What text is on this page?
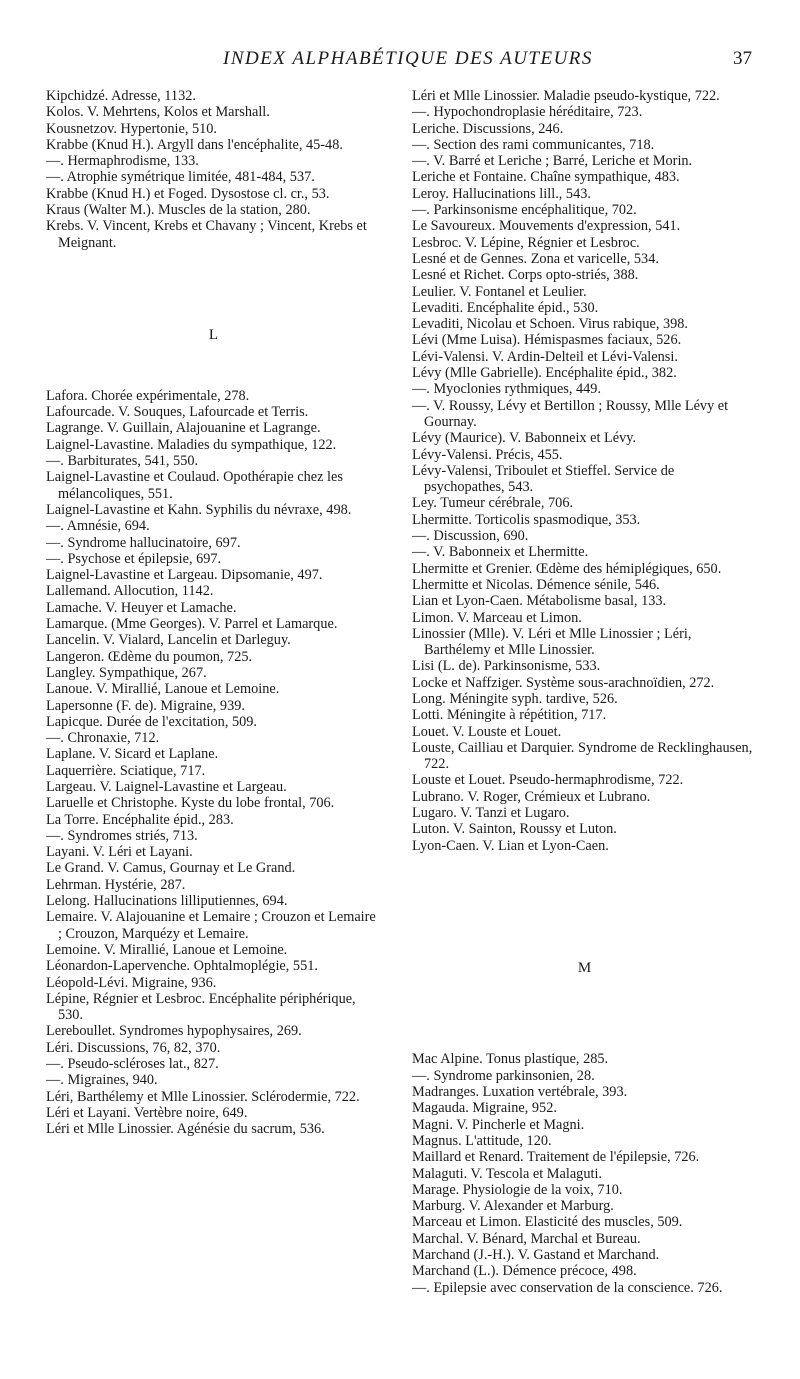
INDEX ALPHABÉTIQUE DES AUTEURS	37

Kipchidzé. Adresse, 1132.

Kolos. V. Mehrtens, Kolos et Marshall.

Kousnetzov. Hypertonie, 510.

Krabbe (Knud H.). Argyll dans l'encéphalite, 45-48.

—. Hermaphrodisme, 133.

—. Atrophie symétrique limitée, 481-484, 537.

Krabbe (Knud H.) et Foged. Dysostose cl. cr., 53.

Kraus (Walter M.). Muscles de la station, 280.

Krebs. V. Vincent, Krebs et Chavany ; Vincent, Krebs et Meignant.

L

Lafora. Chorée expérimentale, 278.

Lafourcade. V. Souques, Lafourcade et Terris.

Lagrange. V. Guillain, Alajouanine et Lagrange.

Laignel-Lavastine. Maladies du sympathique, 122.

—. Barbiturates, 541, 550.

Laignel-Lavastine et Coulaud. Opothérapie chez les mélancoliques, 551.

Laignel-Lavastine et Kahn. Syphilis du névraxe, 498.

—. Amnésie, 694.

—. Syndrome hallucinatoire, 697.

—. Psychose et épilepsie, 697.

Laignel-Lavastine et Largeau. Dipsomanie, 497.

Lallemand. Allocution, 1142.

Lamache. V. Heuyer et Lamache.

Lamarque. (Mme Georges). V. Parrel et Lamarque.

Lancelin. V. Vialard, Lancelin et Darleguy.

Langeron. Œdème du poumon, 725.

Langley. Sympathique, 267.

Lanoue. V. Mirallié, Lanoue et Lemoine.

Lapersonne (F. de). Migraine, 939.

Lapicque. Durée de l'excitation, 509.

—. Chronaxie, 712.

Laplane. V. Sicard et Laplane.

Laquerrière. Sciatique, 717.

Largeau. V. Laignel-Lavastine et Largeau.

Laruelle et Christophe. Kyste du lobe frontal, 706.

La Torre. Encéphalite épid., 283.

—. Syndromes striés, 713.

Layani. V. Léri et Layani.

Le Grand. V. Camus, Gournay et Le Grand.

Lehrman. Hystérie, 287.

Lelong. Hallucinations lilliputiennes, 694.

Lemaire. V. Alajouanine et Lemaire ; Crouzon et Lemaire ; Crouzon, Marquézy et Lemaire.

Lemoine. V. Mirallié, Lanoue et Lemoine.

Léonardon-Lapervenche. Ophtalmoplégie, 551.

Léopold-Lévi. Migraine, 936.

Lépine, Régnier et Lesbroc. Encéphalite périphérique, 530.

Lereboullet. Syndromes hypophysaires, 269.

Léri. Discussions, 76, 82, 370.

—. Pseudo-scléroses lat., 827.

—. Migraines, 940.

Léri, Barthélemy et Mlle Linossier. Sclérodermie, 722.

Léri et Layani. Vertèbre noire, 649.

Léri et Mlle Linossier. Agénésie du sacrum, 536.

Léri et Mlle Linossier. Maladie pseudo-kystique, 722.

—. Hypochondroplasie héréditaire, 723.

Leriche. Discussions, 246.

—. Section des rami communicantes, 718.

—. V. Barré et Leriche ; Barré, Leriche et Morin.

Leriche et Fontaine. Chaîne sympathique, 483.

Leroy. Hallucinations lill., 543.

—. Parkinsonisme encéphalitique, 702.

Le Savoureux. Mouvements d'expression, 541.

Lesbroc. V. Lépine, Régnier et Lesbroc.

Lesné et de Gennes. Zona et varicelle, 534.

Lesné et Richet. Corps opto-striés, 388.

Leulier. V. Fontanel et Leulier.

Levaditi. Encéphalite épid., 530.

Levaditi, Nicolau et Schoen. Virus rabique, 398.

Lévi (Mme Luisa). Hémispasmes faciaux, 526.

Lévi-Valensi. V. Ardin-Delteil et Lévi-Valensi.

Lévy (Mlle Gabrielle). Encéphalite épid., 382.

—. Myoclonies rythmiques, 449.

—. V. Roussy, Lévy et Bertillon ; Roussy, Mlle Lévy et Gournay.

Lévy (Maurice). V. Babonneix et Lévy.

Lévy-Valensi. Précis, 455.

Lévy-Valensi, Triboulet et Stieffel. Service de psychopathes, 543.

Ley. Tumeur cérébrale, 706.

Lhermitte. Torticolis spasmodique, 353.

—. Discussion, 690.

—. V. Babonneix et Lhermitte.

Lhermitte et Grenier. Œdème des hémiplégiques, 650.

Lhermitte et Nicolas. Démence sénile, 546.

Lian et Lyon-Caen. Métabolisme basal, 133.

Limon. V. Marceau et Limon.

Linossier (Mlle). V. Léri et Mlle Linossier ; Léri, Barthélemy et Mlle Linossier.

Lisi (L. de). Parkinsonisme, 533.

Locke et Naffziger. Système sous-arachnoïdien, 272.

Long. Méningite syph. tardive, 526.

Lotti. Méningite à répétition, 717.

Louet. V. Louste et Louet.

Louste, Cailliau et Darquier. Syndrome de Recklinghausen, 722.

Louste et Louet. Pseudo-hermaphrodisme, 722.

Lubrano. V. Roger, Crémieux et Lubrano.

Lugaro. V. Tanzi et Lugaro.

Luton. V. Sainton, Roussy et Luton.

Lyon-Caen. V. Lian et Lyon-Caen.

M

Mac Alpine. Tonus plastique, 285.

—. Syndrome parkinsonien, 28.

Madranges. Luxation vertébrale, 393.

Magauda. Migraine, 952.

Magni. V. Pincherle et Magni.

Magnus. L'attitude, 120.

Maillard et Renard. Traitement de l'épilepsie, 726.

Malaguti. V. Tescola et Malaguti.

Marage. Physiologie de la voix, 710.

Marburg. V. Alexander et Marburg.

Marceau et Limon. Elasticité des muscles, 509.

Marchal. V. Bénard, Marchal et Bureau.

Marchand (J.-H.). V. Gastand et Marchand.

Marchand (L.). Démence précoce, 498.

—. Epilepsie avec conservation de la conscience. 726.
